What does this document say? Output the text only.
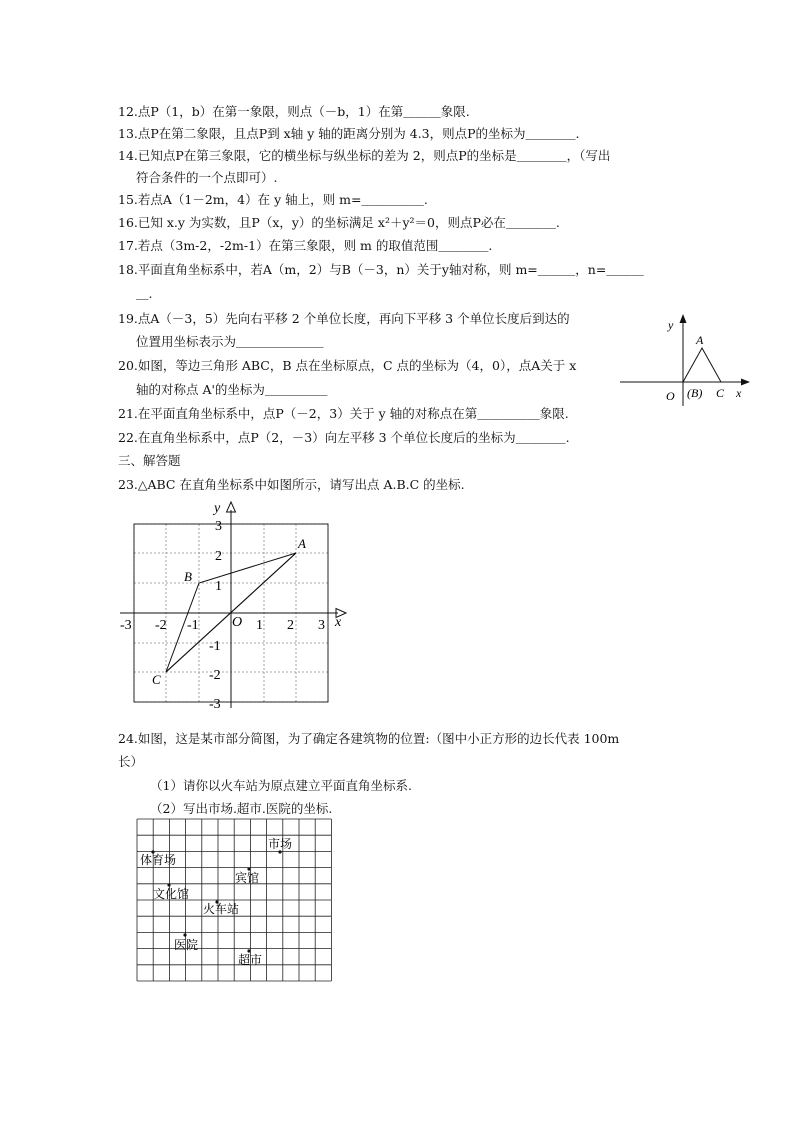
12.点P（1，b）在第一象限，则点（－b，1）在第＿＿＿象限.
13.点P在第二象限，且点P到 x轴 y 轴的距离分别为 4.3，则点P的坐标为＿＿＿＿.
14.已知点P在第三象限，它的横坐标与纵坐标的差为 2，则点P的坐标是＿＿＿＿，（写出
符合条件的一个点即可）.
15.若点A（1－2m，4）在 y 轴上，则 m=＿＿＿＿＿.
16.已知 x.y 为实数，且P（x，y）的坐标满足 x²＋y²＝0，则点P必在＿＿＿＿.
17.若点（3m-2，-2m-1）在第三象限，则 m 的取值范围＿＿＿＿.
18.平面直角坐标系中，若A（m，2）与B（－3，n）关于y轴对称，则 m=＿＿＿，n=＿＿＿
＿.
19.点A（－3，5）先向右平移 2 个单位长度，再向下平移 3 个单位长度后到达的
位置用坐标表示为＿＿＿＿＿＿＿
20.如图，等边三角形 ABC，B 点在坐标原点，C 点的坐标为（4，0），点A关于 x
轴的对称点 A'的坐标为＿＿＿＿＿
21.在平面直角坐标系中，点P（－2，3）关于 y 轴的对称点在第＿＿＿＿＿象限.
22.在直角坐标系中，点P（2，－3）向左平移 3 个单位长度后的坐标为＿＿＿＿.
三、解答题
23.△ABC 在直角坐标系中如图所示，请写出点 A.B.C 的坐标.
y
x
A
(B) C
O
y
x
O
A
B
C
-3 -2 -1	1 2 3
3
2
1
-1
-2
-3
24.如图，这是某市部分简图，为了确定各建筑物的位置:（图中小正方形的边长代表 100m
长）
（1）请你以火车站为原点建立平面直角坐标系.
（2）写出市场.超市.医院的坐标.
体育场
市场
宾馆
文化馆
火车站
医院
超市
